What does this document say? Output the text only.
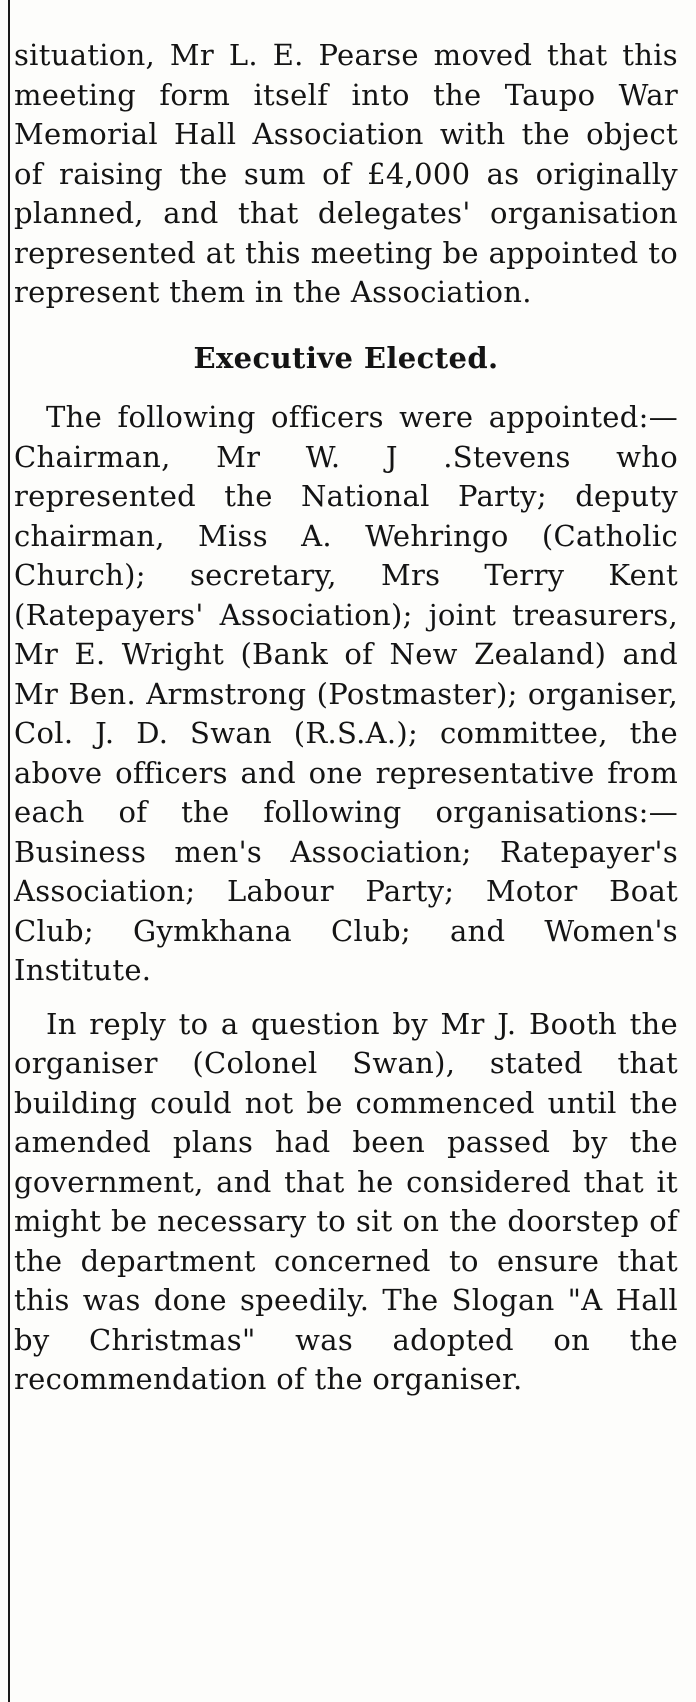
situation, Mr L. E. Pearse moved that this meeting form itself into the Taupo War Memorial Hall Association with the object of raising the sum of £4,000 as originally planned, and that delegates' organisation represented at this meeting be appointed to represent them in the Association.

Executive Elected.

The following officers were appointed:— Chairman, Mr W. J .Stevens who represented the National Party; deputy chairman, Miss A. Wehringo (Catholic Church); secretary, Mrs Terry Kent (Ratepayers' Association); joint treasurers, Mr E. Wright (Bank of New Zealand) and Mr Ben. Armstrong (Postmaster); organiser, Col. J. D. Swan (R.S.A.); committee, the above officers and one representative from each of the following organisations:—Business men's Association; Ratepayer's Association; Labour Party; Motor Boat Club; Gymkhana Club; and Women's Institute.

In reply to a question by Mr J. Booth the organiser (Colonel Swan), stated that building could not be commenced until the amended plans had been passed by the government, and that he considered that it might be necessary to sit on the doorstep of the department concerned to ensure that this was done speedily. The Slogan "A Hall by Christmas" was adopted on the recommendation of the organiser.
